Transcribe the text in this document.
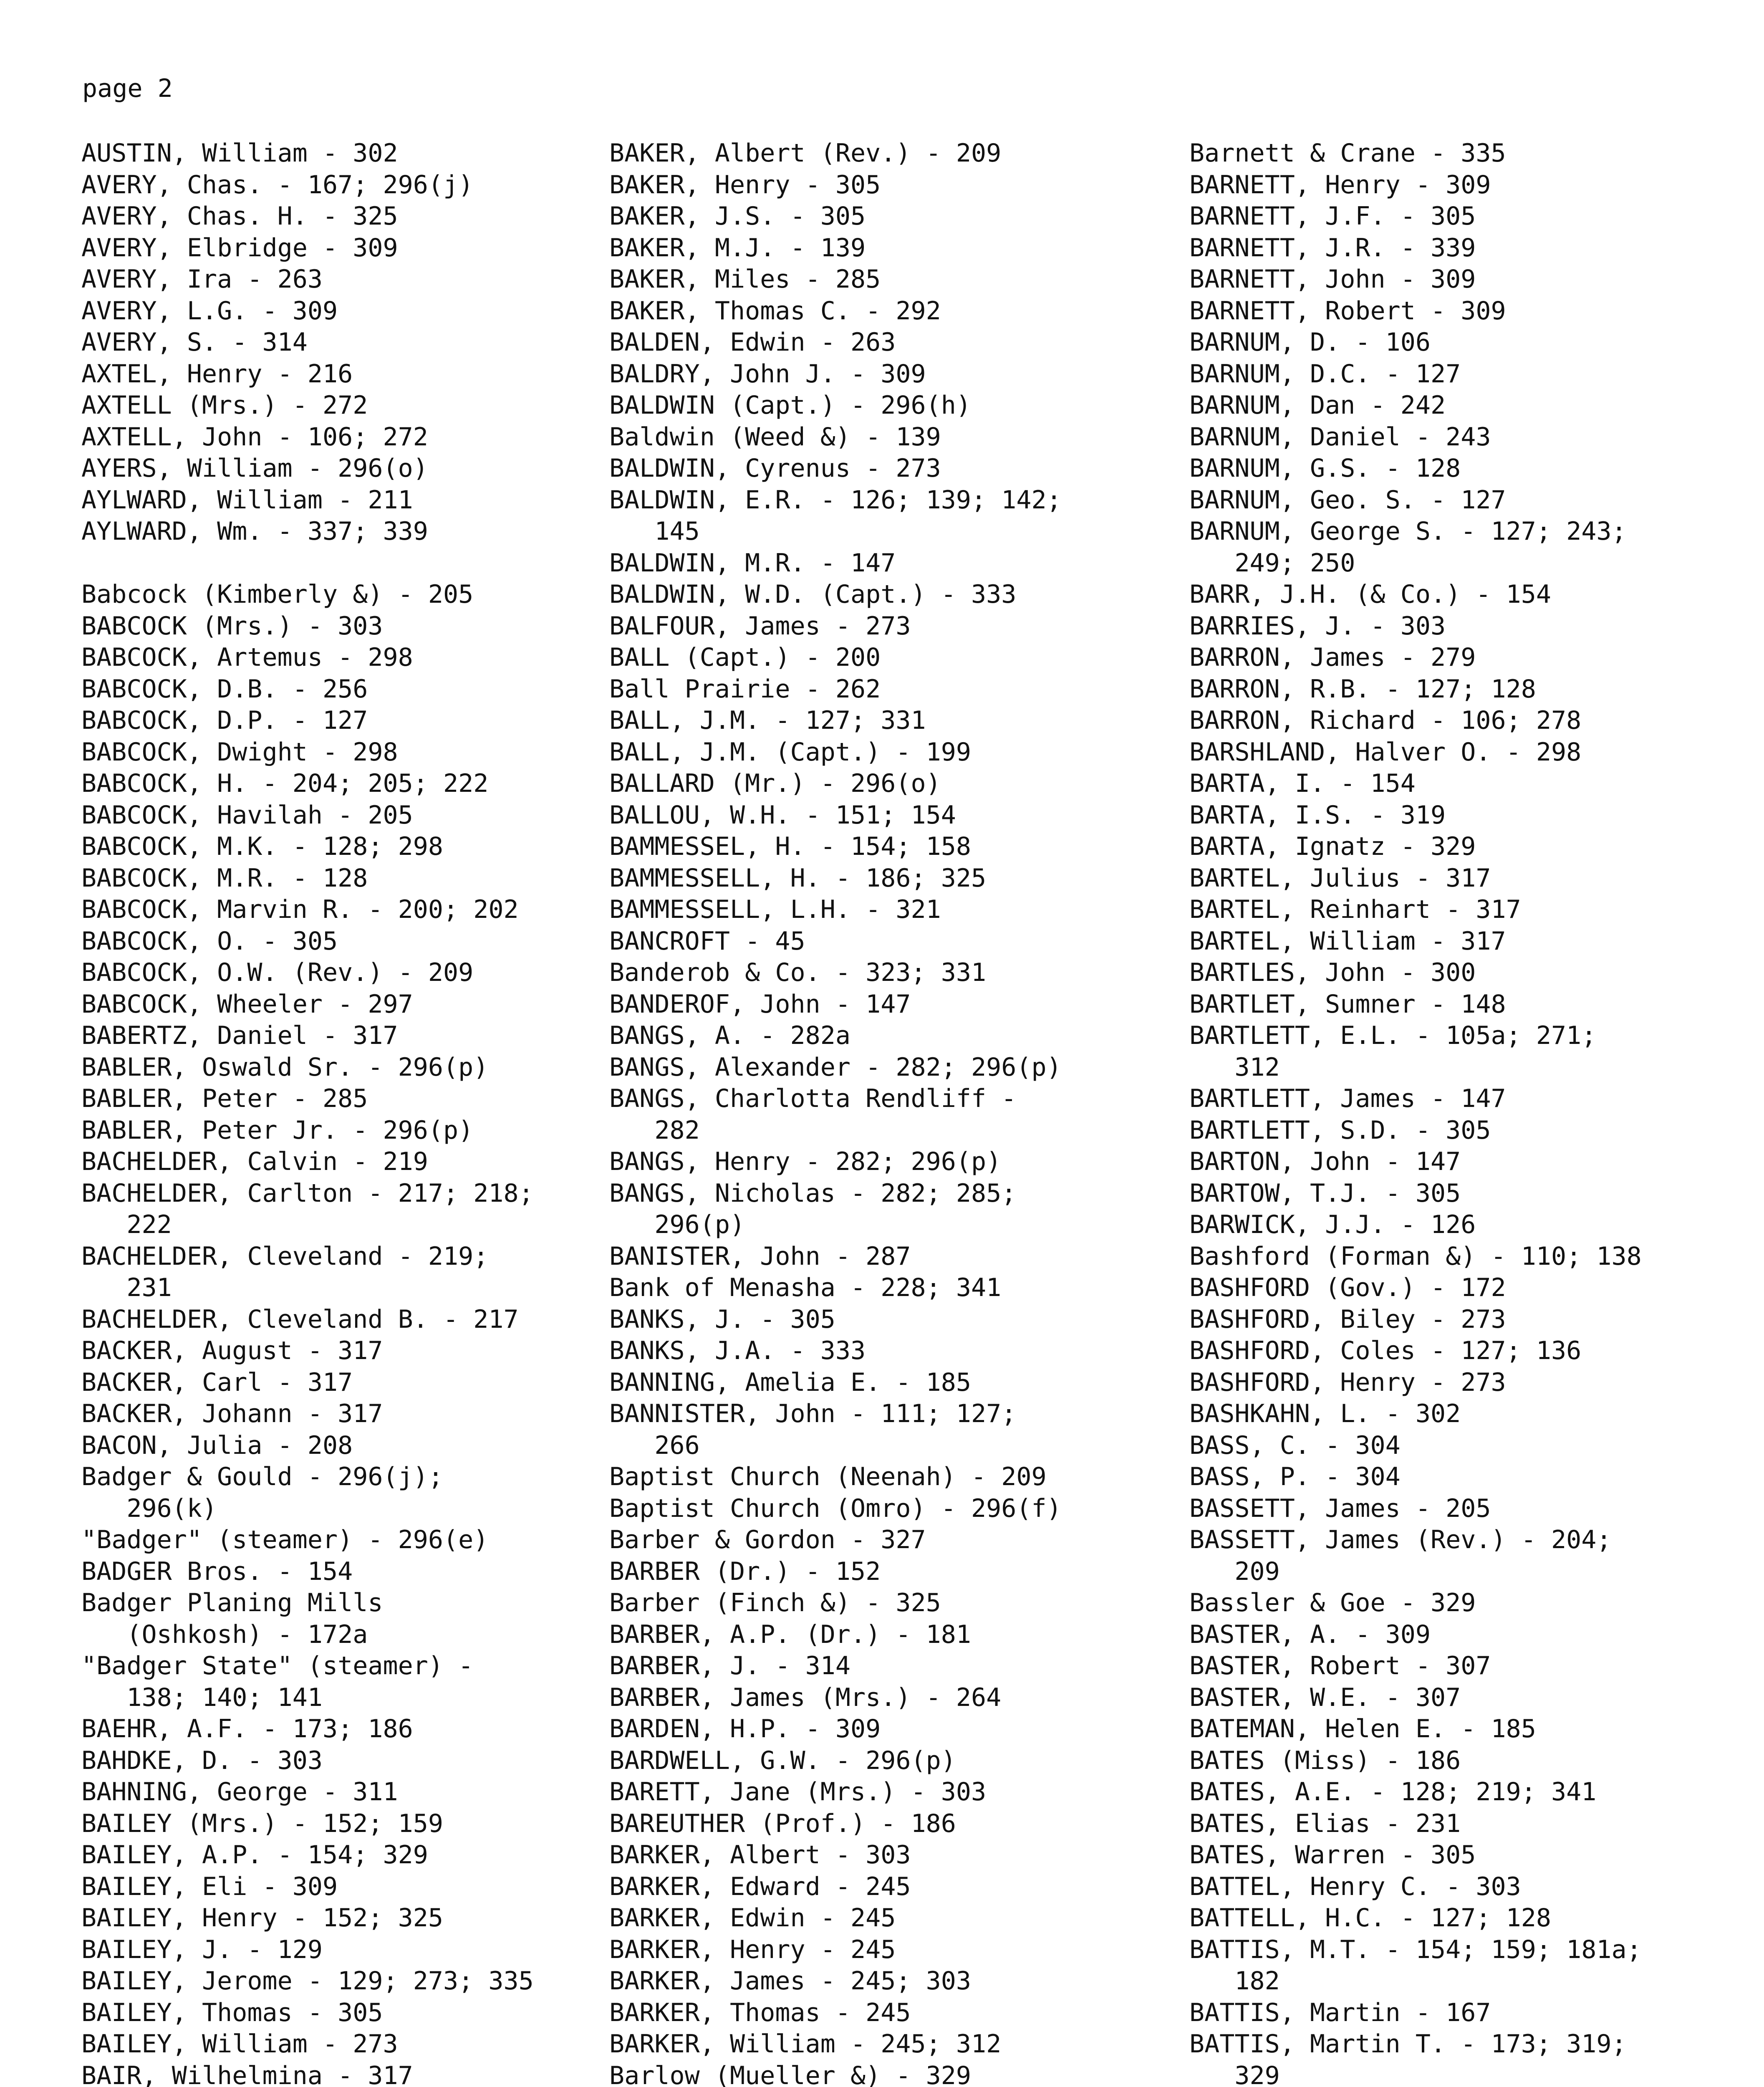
page 2
AUSTIN, William - 302
AVERY, Chas. - 167; 296(j)
AVERY, Chas. H. - 325
AVERY, Elbridge - 309
AVERY, Ira - 263
AVERY, L.G. - 309
AVERY, S. - 314
AXTEL, Henry - 216
AXTELL (Mrs.) - 272
AXTELL, John - 106; 272
AYERS, William - 296(o)
AYLWARD, William - 211
AYLWARD, Wm. - 337; 339
Babcock (Kimberly &) - 205
BABCOCK (Mrs.) - 303
BABCOCK, Artemus - 298
BABCOCK, D.B. - 256
BABCOCK, D.P. - 127
BABCOCK, Dwight - 298
BABCOCK, H. - 204; 205; 222
BABCOCK, Havilah - 205
BABCOCK, M.K. - 128; 298
BABCOCK, M.R. - 128
BABCOCK, Marvin R. - 200; 202
BABCOCK, O. - 305
BABCOCK, O.W. (Rev.) - 209
BABCOCK, Wheeler - 297
BABERTZ, Daniel - 317
BABLER, Oswald Sr. - 296(p)
BABLER, Peter - 285
BABLER, Peter Jr. - 296(p)
BACHELDER, Calvin - 219
BACHELDER, Carlton - 217; 218;
222
BACHELDER, Cleveland - 219;
231
BACHELDER, Cleveland B. - 217
BACKER, August - 317
BACKER, Carl - 317
BACKER, Johann - 317
BACON, Julia - 208
Badger & Gould - 296(j);
296(k)
"Badger" (steamer) - 296(e)
BADGER Bros. - 154
Badger Planing Mills
(Oshkosh) - 172a
"Badger State" (steamer) -
138; 140; 141
BAEHR, A.F. - 173; 186
BAHDKE, D. - 303
BAHNING, George - 311
BAILEY (Mrs.) - 152; 159
BAILEY, A.P. - 154; 329
BAILEY, Eli - 309
BAILEY, Henry - 152; 325
BAILEY, J. - 129
BAILEY, Jerome - 129; 273; 335
BAILEY, Thomas - 305
BAILEY, William - 273
BAIR, Wilhelmina - 317
BAKER, Albert (Rev.) - 209
BAKER, Henry - 305
BAKER, J.S. - 305
BAKER, M.J. - 139
BAKER, Miles - 285
BAKER, Thomas C. - 292
BALDEN, Edwin - 263
BALDRY, John J. - 309
BALDWIN (Capt.) - 296(h)
Baldwin (Weed &) - 139
BALDWIN, Cyrenus - 273
BALDWIN, E.R. - 126; 139; 142;
145
BALDWIN, M.R. - 147
BALDWIN, W.D. (Capt.) - 333
BALFOUR, James - 273
BALL (Capt.) - 200
Ball Prairie - 262
BALL, J.M. - 127; 331
BALL, J.M. (Capt.) - 199
BALLARD (Mr.) - 296(o)
BALLOU, W.H. - 151; 154
BAMMESSEL, H. - 154; 158
BAMMESSELL, H. - 186; 325
BAMMESSELL, L.H. - 321
BANCROFT - 45
Banderob & Co. - 323; 331
BANDEROF, John - 147
BANGS, A. - 282a
BANGS, Alexander - 282; 296(p)
BANGS, Charlotta Rendliff -
282
BANGS, Henry - 282; 296(p)
BANGS, Nicholas - 282; 285;
296(p)
BANISTER, John - 287
Bank of Menasha - 228; 341
BANKS, J. - 305
BANKS, J.A. - 333
BANNING, Amelia E. - 185
BANNISTER, John - 111; 127;
266
Baptist Church (Neenah) - 209
Baptist Church (Omro) - 296(f)
Barber & Gordon - 327
BARBER (Dr.) - 152
Barber (Finch &) - 325
BARBER, A.P. (Dr.) - 181
BARBER, J. - 314
BARBER, James (Mrs.) - 264
BARDEN, H.P. - 309
BARDWELL, G.W. - 296(p)
BARETT, Jane (Mrs.) - 303
BAREUTHER (Prof.) - 186
BARKER, Albert - 303
BARKER, Edward - 245
BARKER, Edwin - 245
BARKER, Henry - 245
BARKER, James - 245; 303
BARKER, Thomas - 245
BARKER, William - 245; 312
Barlow (Mueller &) - 329
Barnett & Crane - 335
BARNETT, Henry - 309
BARNETT, J.F. - 305
BARNETT, J.R. - 339
BARNETT, John - 309
BARNETT, Robert - 309
BARNUM, D. - 106
BARNUM, D.C. - 127
BARNUM, Dan - 242
BARNUM, Daniel - 243
BARNUM, G.S. - 128
BARNUM, Geo. S. - 127
BARNUM, George S. - 127; 243;
249; 250
BARR, J.H. (& Co.) - 154
BARRIES, J. - 303
BARRON, James - 279
BARRON, R.B. - 127; 128
BARRON, Richard - 106; 278
BARSHLAND, Halver O. - 298
BARTA, I. - 154
BARTA, I.S. - 319
BARTA, Ignatz - 329
BARTEL, Julius - 317
BARTEL, Reinhart - 317
BARTEL, William - 317
BARTLES, John - 300
BARTLET, Sumner - 148
BARTLETT, E.L. - 105a; 271;
312
BARTLETT, James - 147
BARTLETT, S.D. - 305
BARTON, John - 147
BARTOW, T.J. - 305
BARWICK, J.J. - 126
Bashford (Forman &) - 110; 138
BASHFORD (Gov.) - 172
BASHFORD, Biley - 273
BASHFORD, Coles - 127; 136
BASHFORD, Henry - 273
BASHKAHN, L. - 302
BASS, C. - 304
BASS, P. - 304
BASSETT, James - 205
BASSETT, James (Rev.) - 204;
209
Bassler & Goe - 329
BASTER, A. - 309
BASTER, Robert - 307
BASTER, W.E. - 307
BATEMAN, Helen E. - 185
BATES (Miss) - 186
BATES, A.E. - 128; 219; 341
BATES, Elias - 231
BATES, Warren - 305
BATTEL, Henry C. - 303
BATTELL, H.C. - 127; 128
BATTIS, M.T. - 154; 159; 181a;
182
BATTIS, Martin - 167
BATTIS, Martin T. - 173; 319;
329
